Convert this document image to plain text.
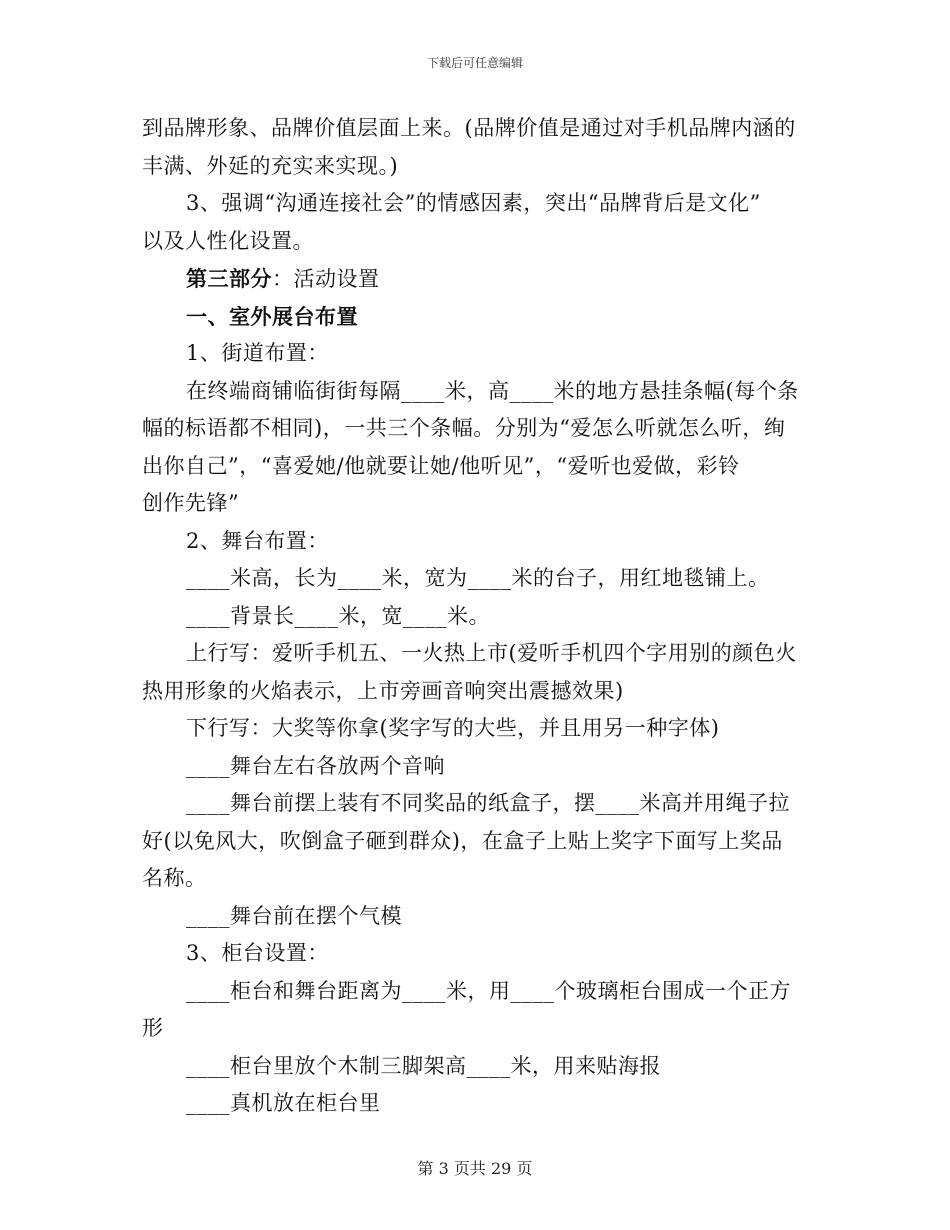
下载后可任意编辑
到品牌形象、品牌价值层面上来。(品牌价值是通过对手机品牌内涵的
丰满、外延的充实来实现。)
3、强调“沟通连接社会”的情感因素，突出“品牌背后是文化”
以及人性化设置。
第三部分：活动设置
一、室外展台布置
1、街道布置：
在终端商铺临街街每隔____米，高____米的地方悬挂条幅(每个条
幅的标语都不相同)，一共三个条幅。分别为“爱怎么听就怎么听，绚
出你自己”，“喜爱她/他就要让她/他听见”，“爱听也爱做，彩铃
创作先锋”
2、舞台布置：
____米高，长为____米，宽为____米的台子，用红地毯铺上。
____背景长____米，宽____米。
上行写：爱听手机五、一火热上市(爱听手机四个字用别的颜色火
热用形象的火焰表示，上市旁画音响突出震撼效果)
下行写：大奖等你拿(奖字写的大些，并且用另一种字体)
____舞台左右各放两个音响
____舞台前摆上装有不同奖品的纸盒子，摆____米高并用绳子拉
好(以免风大，吹倒盒子砸到群众)，在盒子上贴上奖字下面写上奖品
名称。
____舞台前在摆个气模
3、柜台设置：
____柜台和舞台距离为____米，用____个玻璃柜台围成一个正方
形
____柜台里放个木制三脚架高____米，用来贴海报
____真机放在柜台里
第 3 页共 29 页
